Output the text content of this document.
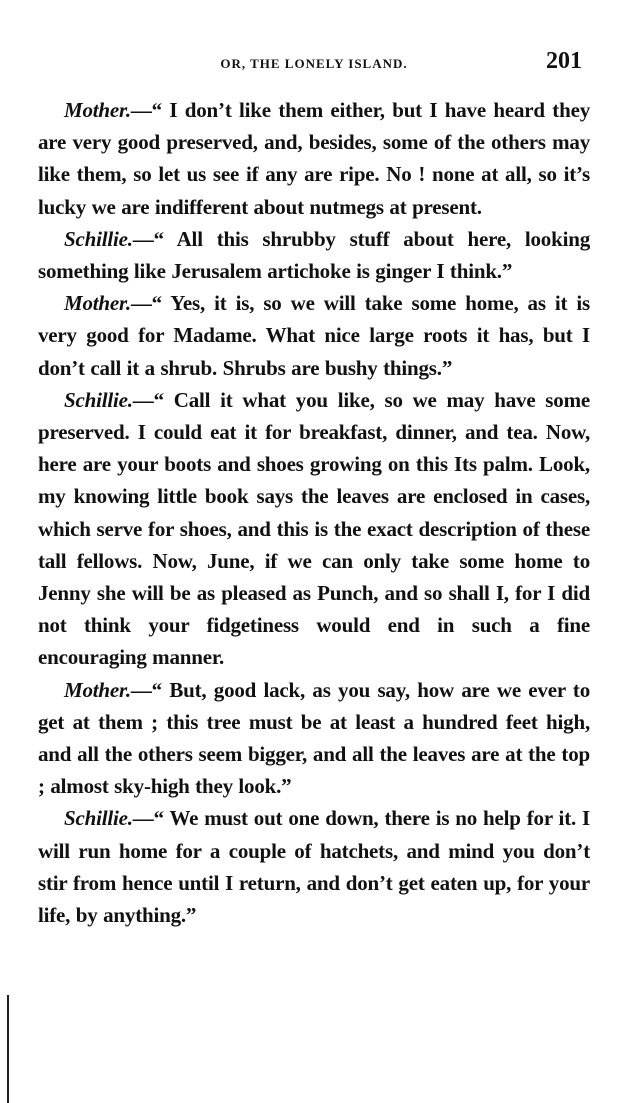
OR, THE LONELY ISLAND.	201

Mother.—“ I don’t like them either, but I have heard they are very good preserved, and, besides, some of the others may like them, so let us see if any are ripe. No ! none at all, so it’s lucky we are indifferent about nutmegs at present.

Schillie.—“ All this shrubby stuff about here, looking something like Jerusalem artichoke is ginger I think.”

Mother.—“ Yes, it is, so we will take some home, as it is very good for Madame. What nice large roots it has, but I don’t call it a shrub. Shrubs are bushy things.”

Schillie.—“ Call it what you like, so we may have some preserved. I could eat it for breakfast, dinner, and tea. Now, here are your boots and shoes growing on this Its palm. Look, my knowing little book says the leaves are enclosed in cases, which serve for shoes, and this is the exact description of these tall fellows. Now, June, if we can only take some home to Jenny she will be as pleased as Punch, and so shall I, for I did not think your fidgetiness would end in such a fine encouraging manner.

Mother.—“ But, good lack, as you say, how are we ever to get at them ; this tree must be at least a hundred feet high, and all the others seem bigger, and all the leaves are at the top ; almost sky-high they look.”

Schillie.—“ We must out one down, there is no help for it. I will run home for a couple of hatchets, and mind you don’t stir from hence until I return, and don’t get eaten up, for your life, by anything.”
